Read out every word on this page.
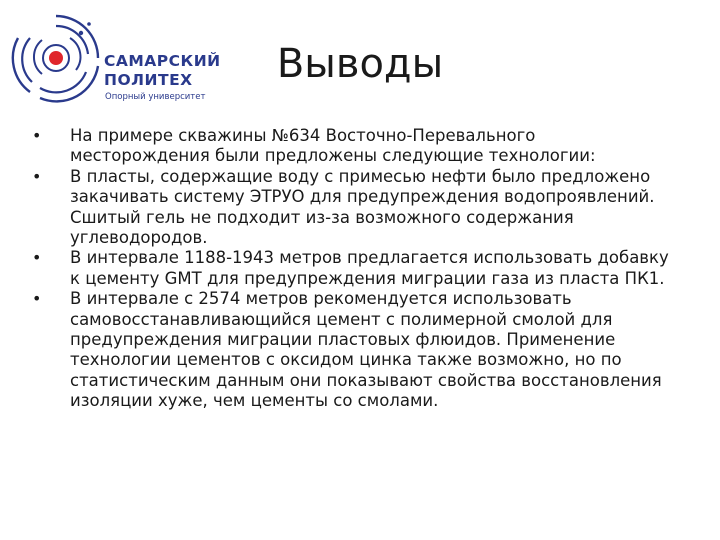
САМАРСКИЙ
ПОЛИТЕХ
Опорный университет
Выводы
•	На примере скважины №634 Восточно-Перевального месторождения были предложены следующие технологии:
•	В пласты, содержащие воду с примесью нефти было предложено закачивать систему ЭТРУО для предупреждения водопроявлений. Сшитый гель не подходит из-за возможного содержания углеводородов.
•	В интервале 1188-1943 метров предлагается использовать добавку к цементу GMT для предупреждения миграции газа из пласта ПК1.
•	В интервале с 2574 метров рекомендуется использовать самовосстанавливающийся цемент с полимерной смолой для предупреждения миграции пластовых флюидов. Применение технологии цементов с оксидом цинка также возможно, но по статистическим данным они показывают свойства восстановления изоляции хуже, чем цементы со смолами.
